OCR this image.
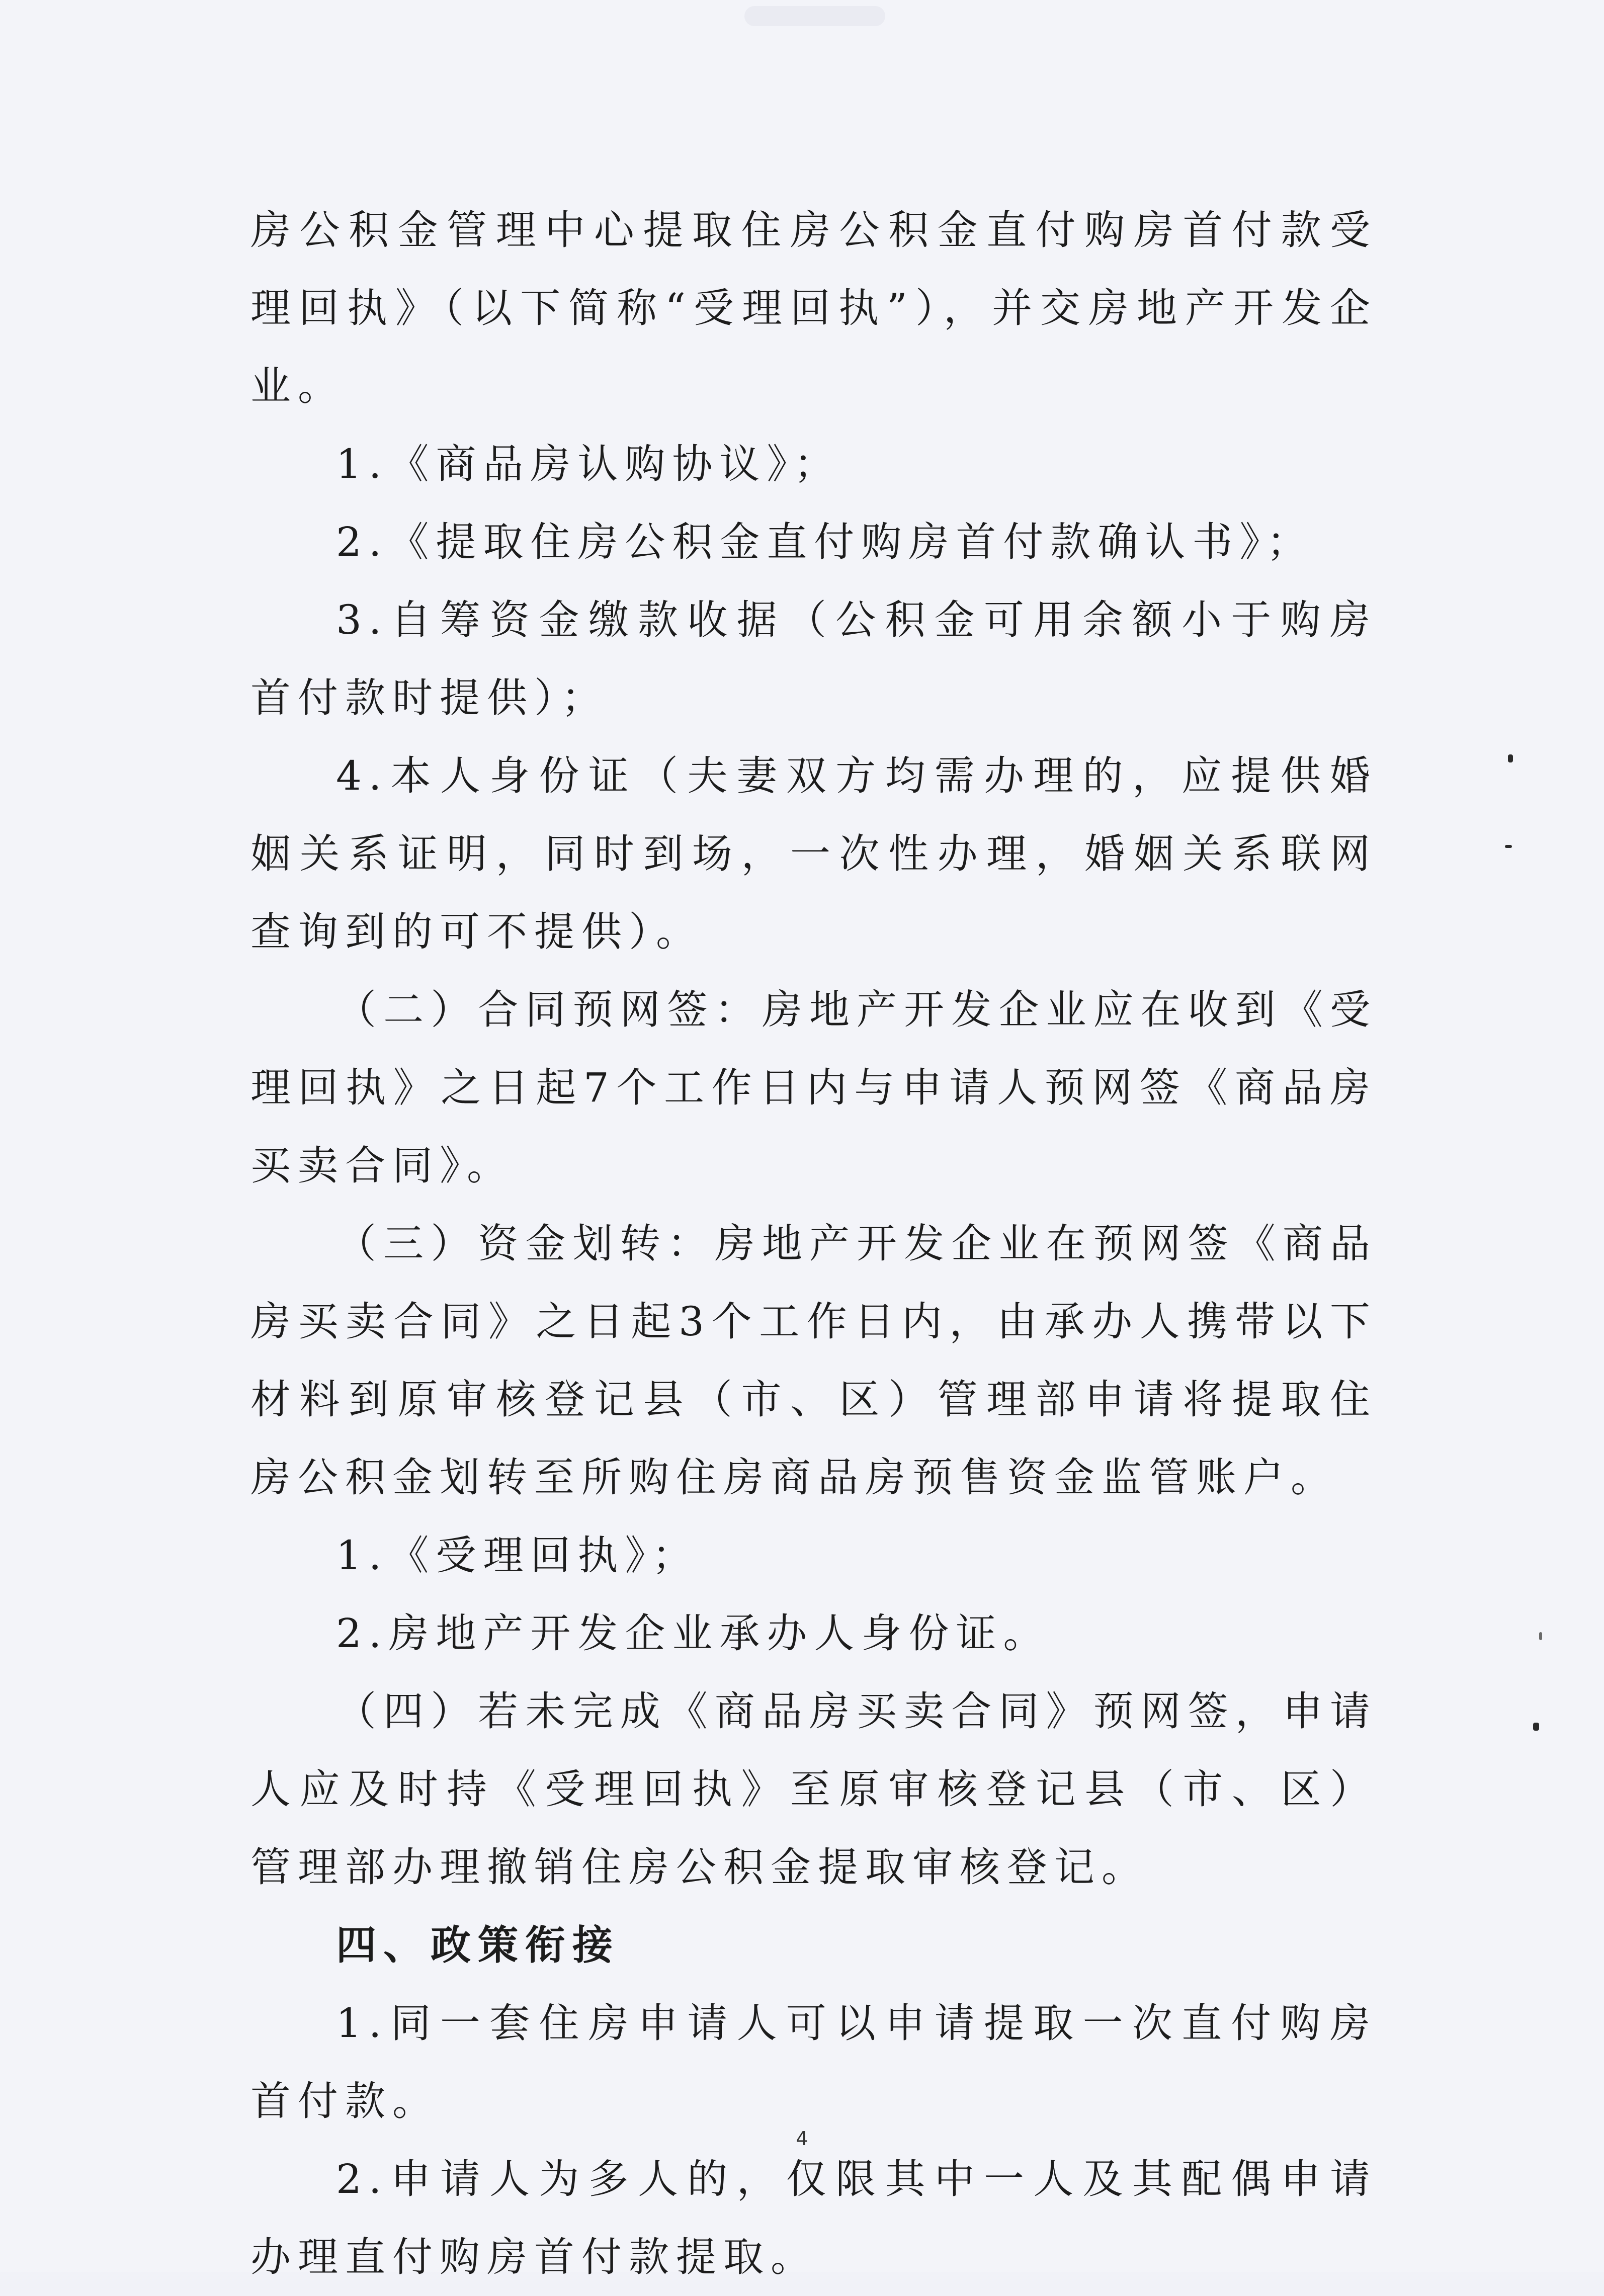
房公积金管理中心提取住房公积金直付购房首付款受理回执》（以下简称“受理回执”），并交房地产开发企业。

1.《商品房认购协议》；

2.《提取住房公积金直付购房首付款确认书》；

3.自筹资金缴款收据（公积金可用余额小于购房首付款时提供）；

4.本人身份证（夫妻双方均需办理的，应提供婚姻关系证明，同时到场，一次性办理，婚姻关系联网查询到的可不提供）。

（二）合同预网签：房地产开发企业应在收到《受理回执》之日起7个工作日内与申请人预网签《商品房买卖合同》。

（三）资金划转：房地产开发企业在预网签《商品房买卖合同》之日起3个工作日内，由承办人携带以下材料到原审核登记县（市、区）管理部申请将提取住房公积金划转至所购住房商品房预售资金监管账户。

1.《受理回执》；

2.房地产开发企业承办人身份证。

（四）若未完成《商品房买卖合同》预网签，申请人应及时持《受理回执》至原审核登记县（市、区）管理部办理撤销住房公积金提取审核登记。

四、政策衔接

1.同一套住房申请人可以申请提取一次直付购房首付款。

2.申请人为多人的，仅限其中一人及其配偶申请办理直付购房首付款提取。

4
